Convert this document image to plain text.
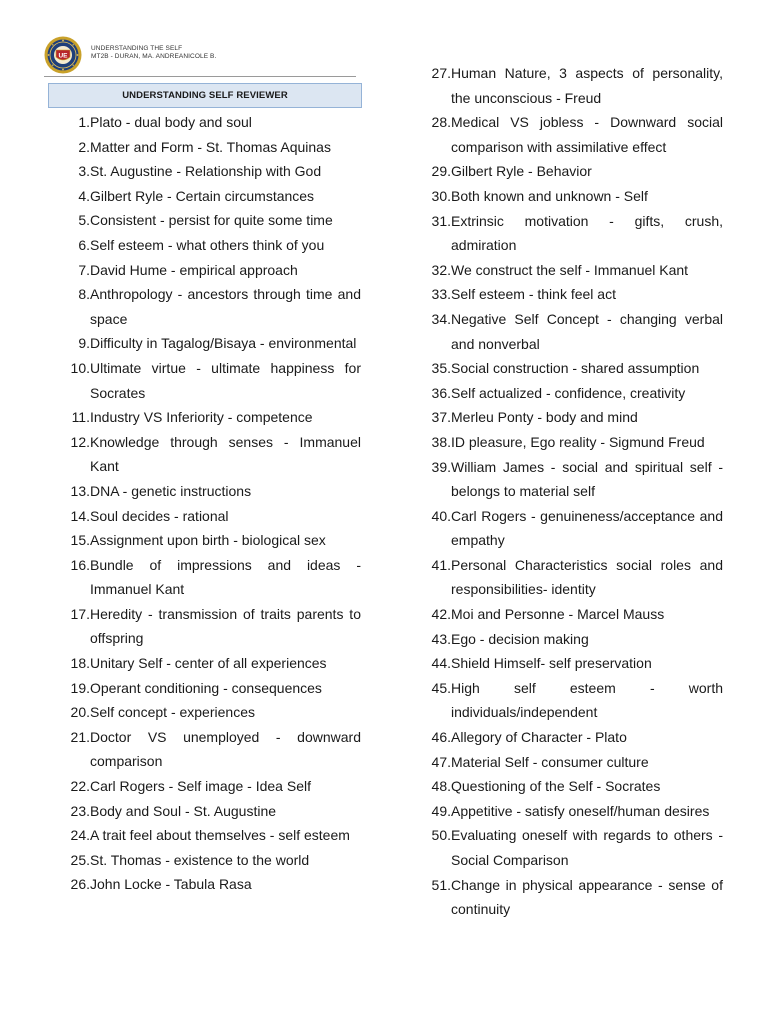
UE
UNDERSTANDING THE SELF
MT2B - DURAN, MA. ANDREANICOLE B.
UNDERSTANDING SELF REVIEWER
1. Plato - dual body and soul
2. Matter and Form - St. Thomas Aquinas
3. St. Augustine - Relationship with God
4. Gilbert Ryle - Certain circumstances
5. Consistent - persist for quite some time
6. Self esteem - what others think of you
7. David Hume - empirical approach
8. Anthropology - ancestors through time and space
9. Difficulty in Tagalog/Bisaya - environmental
10. Ultimate virtue - ultimate happiness for Socrates
11. Industry VS Inferiority - competence
12. Knowledge through senses - Immanuel Kant
13. DNA - genetic instructions
14. Soul decides - rational
15. Assignment upon birth - biological sex
16. Bundle of impressions and ideas - Immanuel Kant
17. Heredity - transmission of traits parents to offspring
18. Unitary Self - center of all experiences
19. Operant conditioning - consequences
20. Self concept - experiences
21. Doctor VS unemployed - downward comparison
22. Carl Rogers - Self image - Idea Self
23. Body and Soul - St. Augustine
24. A trait feel about themselves - self esteem
25. St. Thomas - existence to the world
26. John Locke - Tabula Rasa
27. Human Nature, 3 aspects of personality, the unconscious - Freud
28. Medical VS jobless - Downward social comparison with assimilative effect
29. Gilbert Ryle - Behavior
30. Both known and unknown - Self
31. Extrinsic motivation - gifts, crush, admiration
32. We construct the self - Immanuel Kant
33. Self esteem - think feel act
34. Negative Self Concept - changing verbal and nonverbal
35. Social construction - shared assumption
36. Self actualized - confidence, creativity
37. Merleu Ponty - body and mind
38. ID pleasure, Ego reality - Sigmund Freud
39. William James - social and spiritual self - belongs to material self
40. Carl Rogers - genuineness/acceptance and empathy
41. Personal Characteristics social roles and responsibilities- identity
42. Moi and Personne - Marcel Mauss
43. Ego - decision making
44. Shield Himself- self preservation
45. High self esteem - worth individuals/independent
46. Allegory of Character - Plato
47. Material Self - consumer culture
48. Questioning of the Self - Socrates
49. Appetitive - satisfy oneself/human desires
50. Evaluating oneself with regards to others - Social Comparison
51. Change in physical appearance - sense of continuity
